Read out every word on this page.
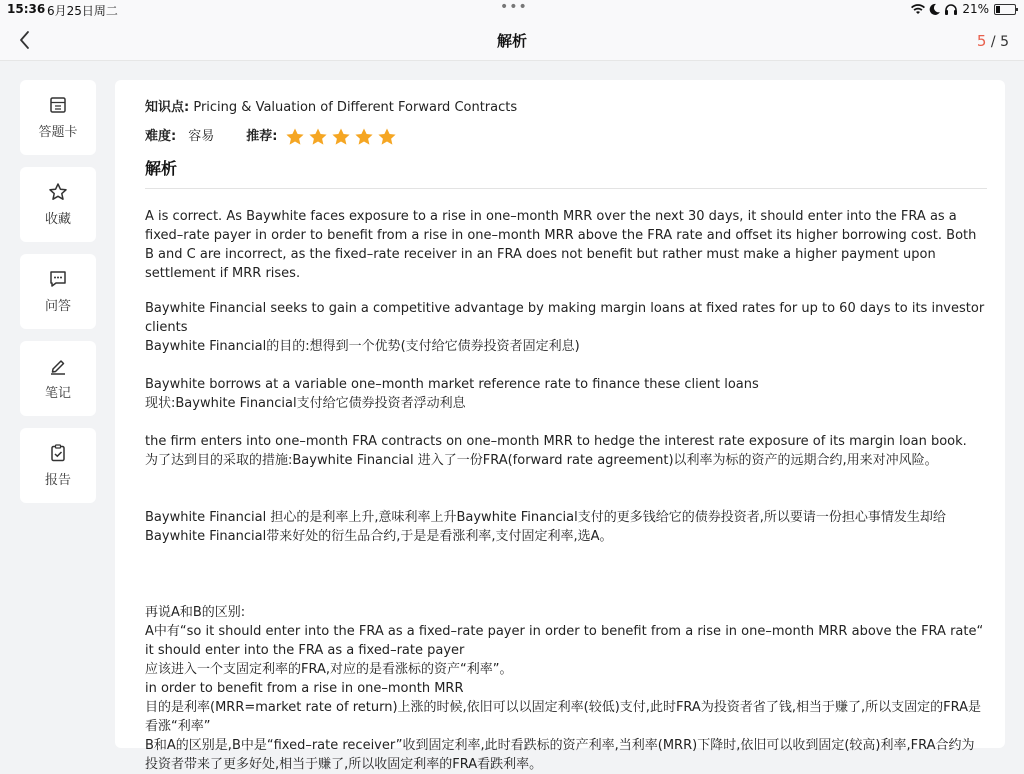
15:36 6月25日周二	•••	21%
解析	5 / 5
答题卡
收藏
问答
笔记
报告
知识点: Pricing & Valuation of Different Forward Contracts
难度: 容易 推荐:
解析

A is correct. As Baywhite faces exposure to a rise in one–month MRR over the next 30 days, it should enter into the FRA as a fixed–rate payer in order to benefit from a rise in one–month MRR above the FRA rate and offset its higher borrowing cost. Both B and C are incorrect, as the fixed–rate receiver in an FRA does not benefit but rather must make a higher payment upon settlement if MRR rises.

Baywhite Financial seeks to gain a competitive advantage by making margin loans at fixed rates for up to 60 days to its investor clients
Baywhite Financial的目的:想得到一个优势(支付给它债券投资者固定利息)

Baywhite borrows at a variable one–month market reference rate to finance these client loans
现状:Baywhite Financial支付给它债券投资者浮动利息

the firm enters into one–month FRA contracts on one–month MRR to hedge the interest rate exposure of its margin loan book.
为了达到目的采取的措施:Baywhite Financial 进入了一份FRA(forward rate agreement)以利率为标的资产的远期合约,用来对冲风险。

Baywhite Financial 担心的是利率上升,意味利率上升Baywhite Financial支付的更多钱给它的债券投资者,所以要请一份担心事情发生却给Baywhite Financial带来好处的衍生品合约,于是是看涨利率,支付固定利率,选A。

再说A和B的区别:
A中有“so it should enter into the FRA as a fixed–rate payer in order to benefit from a rise in one–month MRR above the FRA rate“
it should enter into the FRA as a fixed–rate payer
应该进入一个支固定利率的FRA,对应的是看涨标的资产“利率”。
in order to benefit from a rise in one–month MRR
目的是利率(MRR=market rate of return)上涨的时候,依旧可以以固定利率(较低)支付,此时FRA为投资者省了钱,相当于赚了,所以支固定的FRA是看涨“利率”
B和A的区别是,B中是“fixed–rate receiver”收到固定利率,此时看跌标的资产利率,当利率(MRR)下降时,依旧可以收到固定(较高)利率,FRA合约为投资者带来了更多好处,相当于赚了,所以收固定利率的FRA看跌利率。
